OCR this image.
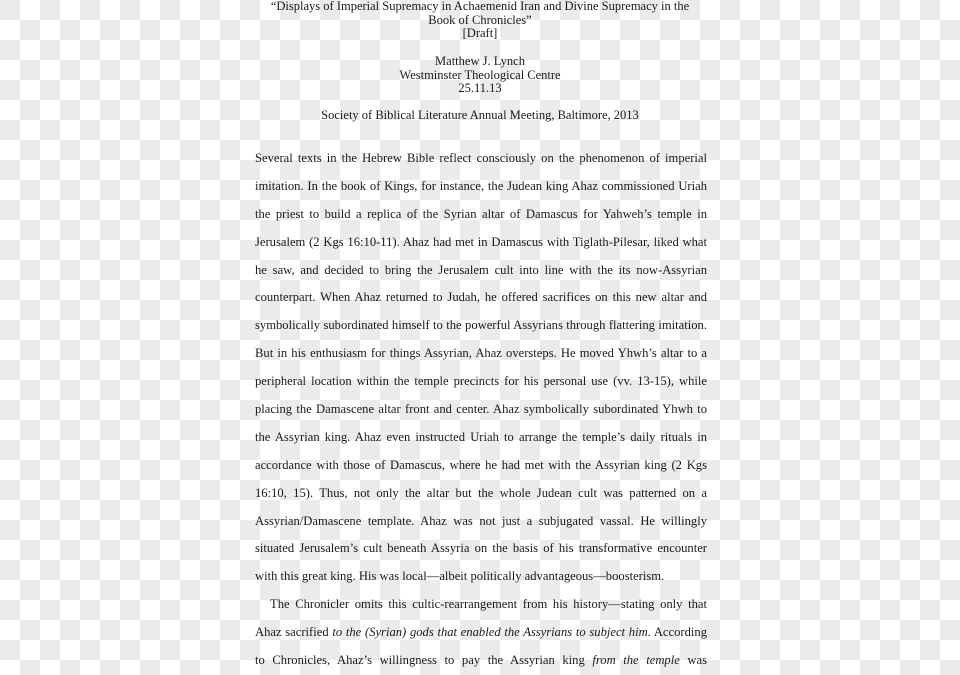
“Displays of Imperial Supremacy in Achaemenid Iran and Divine Supremacy in the
Book of Chronicles”
[Draft]
Matthew J. Lynch
Westminster Theological Centre
25.11.13
Society of Biblical Literature Annual Meeting, Baltimore, 2013
Several texts in the Hebrew Bible reflect consciously on the phenomenon of imperial
imitation. In the book of Kings, for instance, the Judean king Ahaz commissioned Uriah
the priest to build a replica of the Syrian altar of Damascus for Yahweh’s temple in
Jerusalem (2 Kgs 16:10-11). Ahaz had met in Damascus with Tiglath-Pilesar, liked what
he saw, and decided to bring the Jerusalem cult into line with the its now-Assyrian
counterpart. When Ahaz returned to Judah, he offered sacrifices on this new altar and
symbolically subordinated himself to the powerful Assyrians through flattering imitation.
But in his enthusiasm for things Assyrian, Ahaz oversteps. He moved Yhwh’s altar to a
peripheral location within the temple precincts for his personal use (vv. 13-15), while
placing the Damascene altar front and center. Ahaz symbolically subordinated Yhwh to
the Assyrian king. Ahaz even instructed Uriah to arrange the temple’s daily rituals in
accordance with those of Damascus, where he had met with the Assyrian king (2 Kgs
16:10, 15). Thus, not only the altar but the whole Judean cult was patterned on a
Assyrian/Damascene template. Ahaz was not just a subjugated vassal. He willingly
situated Jerusalem’s cult beneath Assyria on the basis of his transformative encounter
with this great king. His was local—albeit politically advantageous—boosterism.
The Chronicler omits this cultic-rearrangement from his history—stating only that
Ahaz sacrified to the (Syrian) gods that enabled the Assyrians to subject him. According
to Chronicles, Ahaz’s willingness to pay the Assyrian king from the temple was
